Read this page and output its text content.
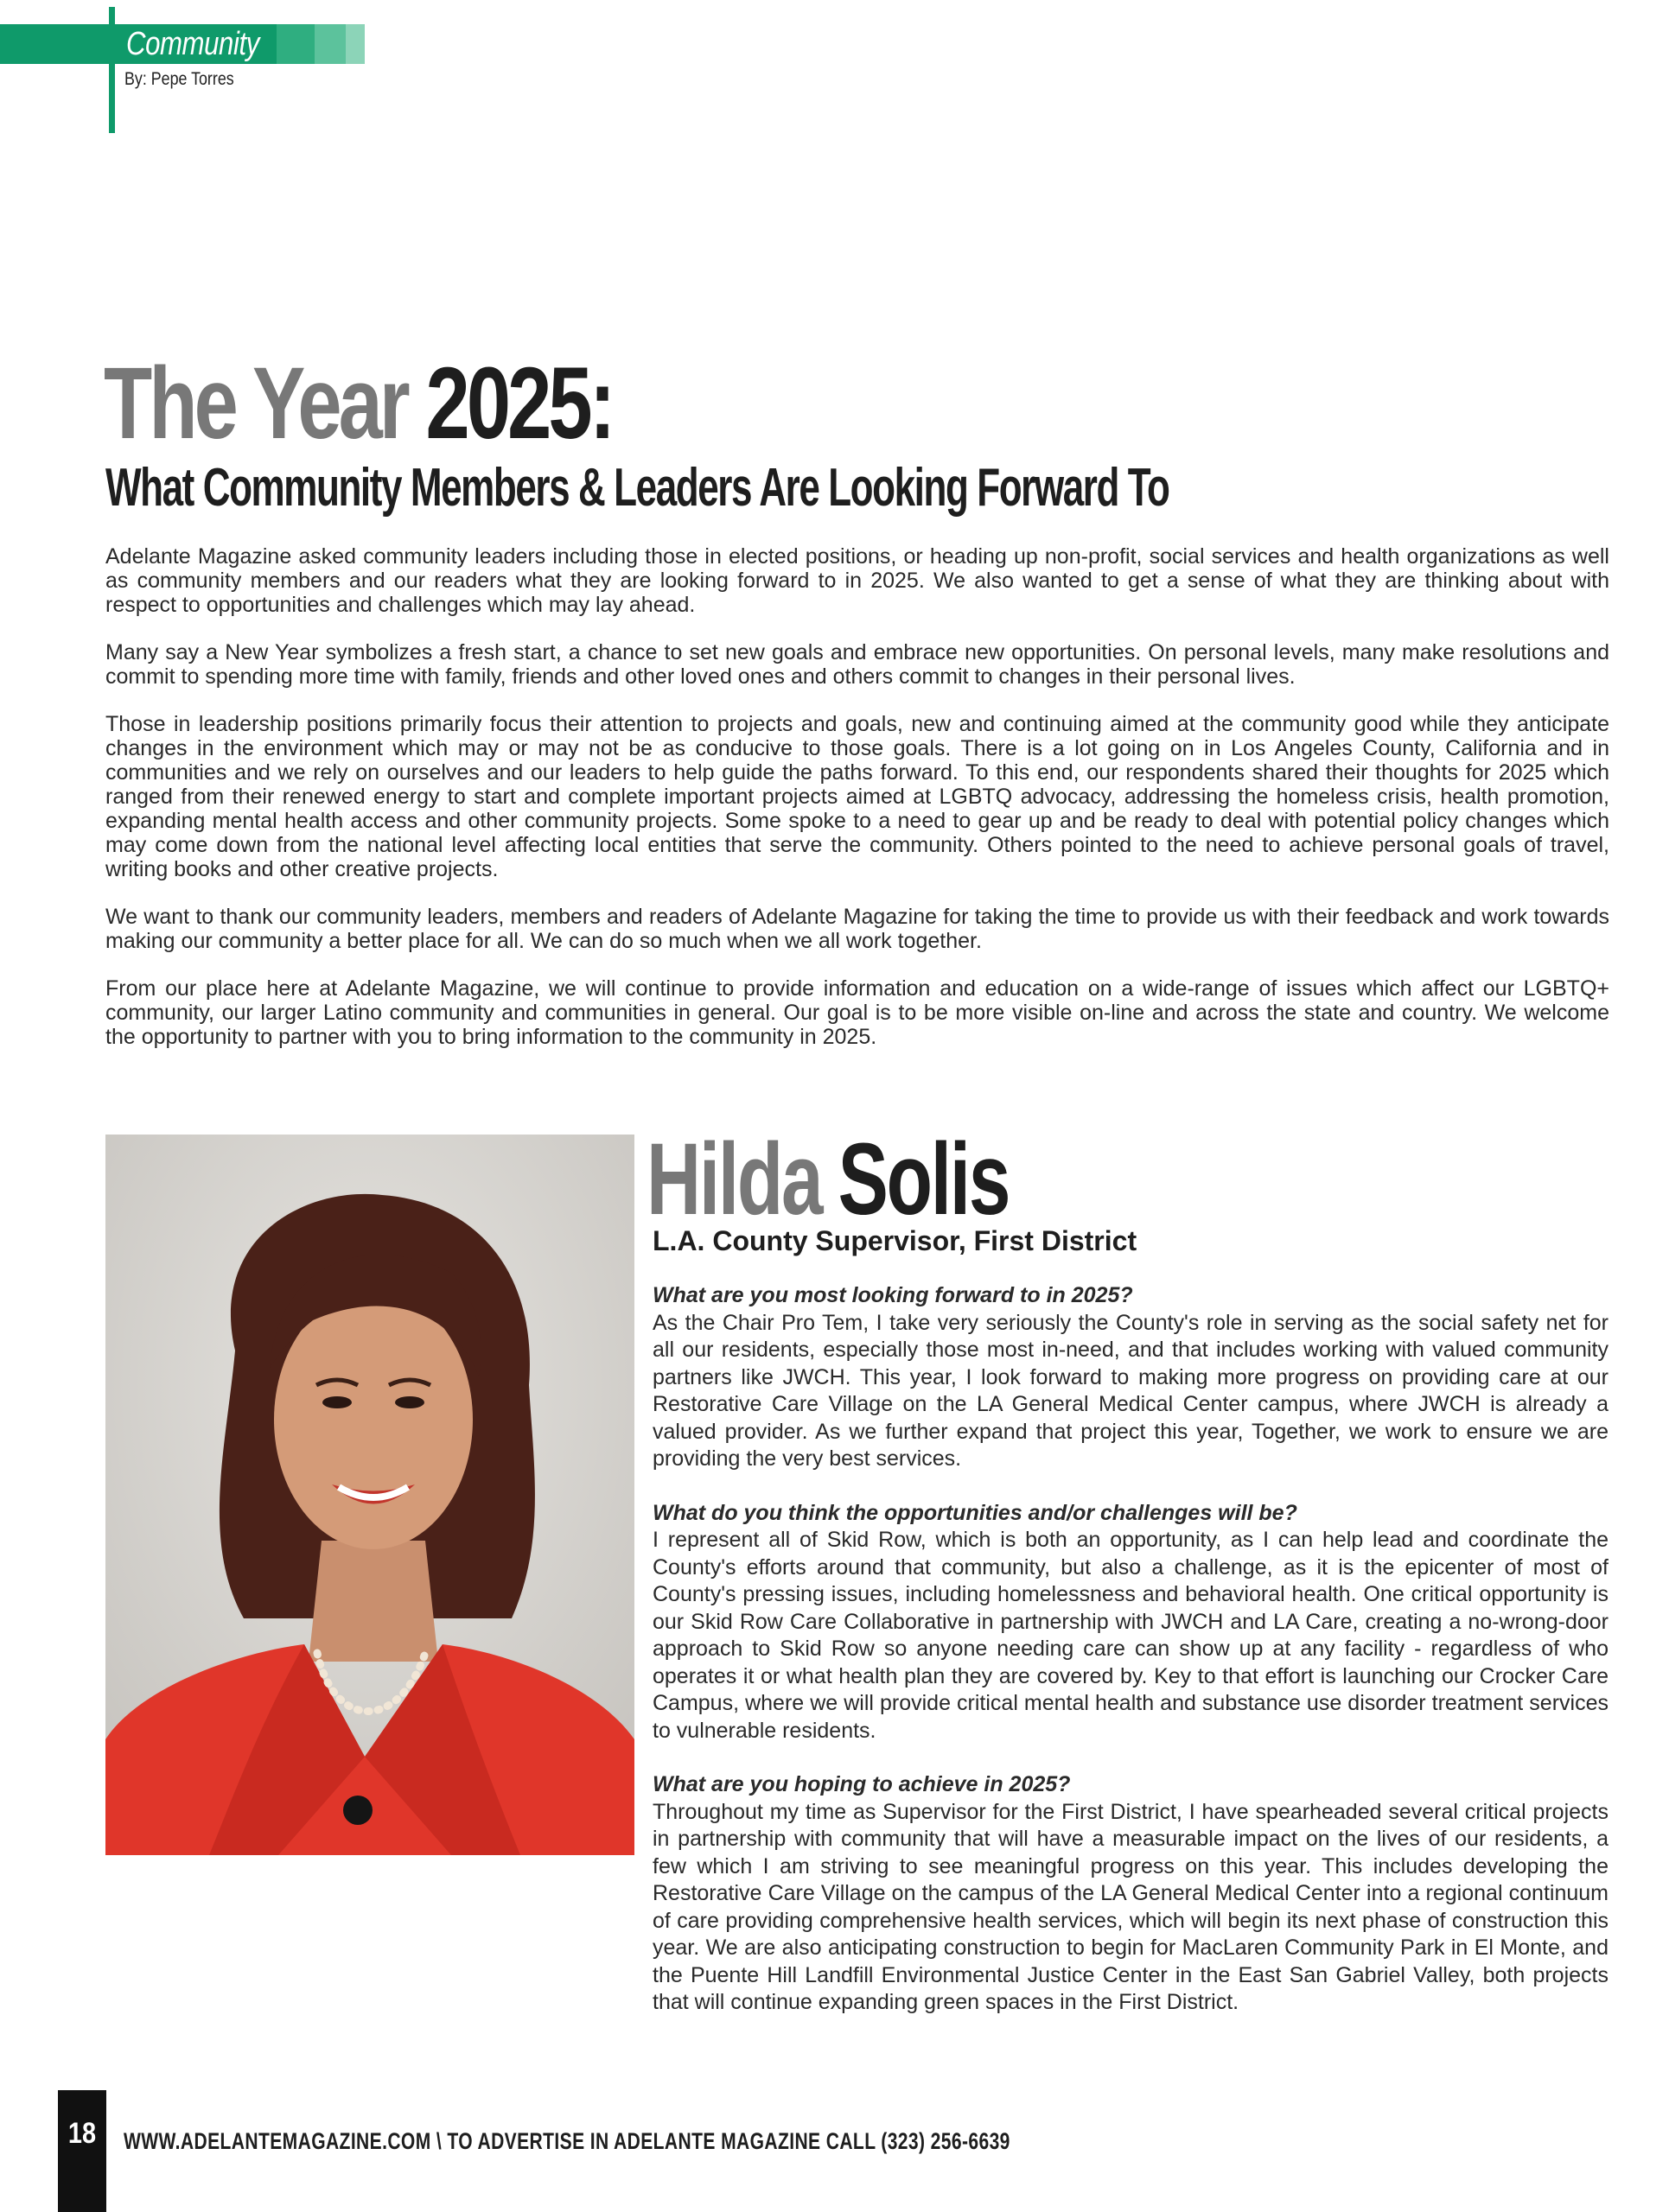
Community
By: Pepe Torres
The Year 2025:
What Community Members & Leaders Are Looking Forward To

Adelante Magazine asked community leaders including those in elected positions, or heading up non-profit, social services and health organizations as well as community members and our readers what they are looking forward to in 2025. We also wanted to get a sense of what they are thinking about with respect to opportunities and challenges which may lay ahead.

Many say a New Year symbolizes a fresh start, a chance to set new goals and embrace new opportunities. On personal levels, many make resolutions and commit to spending more time with family, friends and other loved ones and others commit to changes in their personal lives.

Those in leadership positions primarily focus their attention to projects and goals, new and continuing aimed at the community good while they anticipate changes in the environment which may or may not be as conducive to those goals. There is a lot going on in Los Angeles County, California and in communities and we rely on ourselves and our leaders to help guide the paths forward. To this end, our respondents shared their thoughts for 2025 which ranged from their renewed energy to start and complete important projects aimed at LGBTQ advocacy, addressing the homeless crisis, health promotion, expanding mental health access and other community projects. Some spoke to a need to gear up and be ready to deal with potential policy changes which may come down from the national level affecting local entities that serve the community. Others pointed to the need to achieve personal goals of travel, writing books and other creative projects.

We want to thank our community leaders, members and readers of Adelante Magazine for taking the time to provide us with their feedback and work towards making our community a better place for all. We can do so much when we all work together.

From our place here at Adelante Magazine, we will continue to provide information and education on a wide-range of issues which affect our LGBTQ+ community, our larger Latino community and communities in general. Our goal is to be more visible on-line and across the state and country. We welcome the opportunity to partner with you to bring information to the community in 2025.

Hilda Solis
L.A. County Supervisor, First District

What are you most looking forward to in 2025?

As the Chair Pro Tem, I take very seriously the County's role in serving as the social safety net for all our residents, especially those most in-need, and that includes working with valued community partners like JWCH. This year, I look forward to making more progress on providing care at our Restorative Care Village on the LA General Medical Center campus, where JWCH is already a valued provider. As we further expand that project this year, Together, we work to ensure we are providing the very best services.

What do you think the opportunities and/or challenges will be?

I represent all of Skid Row, which is both an opportunity, as I can help lead and coordinate the County's efforts around that community, but also a challenge, as it is the epicenter of most of County's pressing issues, including homelessness and behavioral health. One critical opportunity is our Skid Row Care Collaborative in partnership with JWCH and LA Care, creating a no-wrong-door approach to Skid Row so anyone needing care can show up at any facility - regardless of who operates it or what health plan they are covered by. Key to that effort is launching our Crocker Care Campus, where we will provide critical mental health and substance use disorder treatment services to vulnerable residents.

What are you hoping to achieve in 2025?

Throughout my time as Supervisor for the First District, I have spearheaded several critical projects in partnership with community that will have a measurable impact on the lives of our residents, a few which I am striving to see meaningful progress on this year. This includes developing the Restorative Care Village on the campus of the LA General Medical Center into a regional continuum of care providing comprehensive health services, which will begin its next phase of construction this year. We are also anticipating construction to begin for MacLaren Community Park in El Monte, and the Puente Hill Landfill Environmental Justice Center in the East San Gabriel Valley, both projects that will continue expanding green spaces in the First District.

18 WWW.ADELANTEMAGAZINE.COM \ TO ADVERTISE IN ADELANTE MAGAZINE CALL (323) 256-6639
